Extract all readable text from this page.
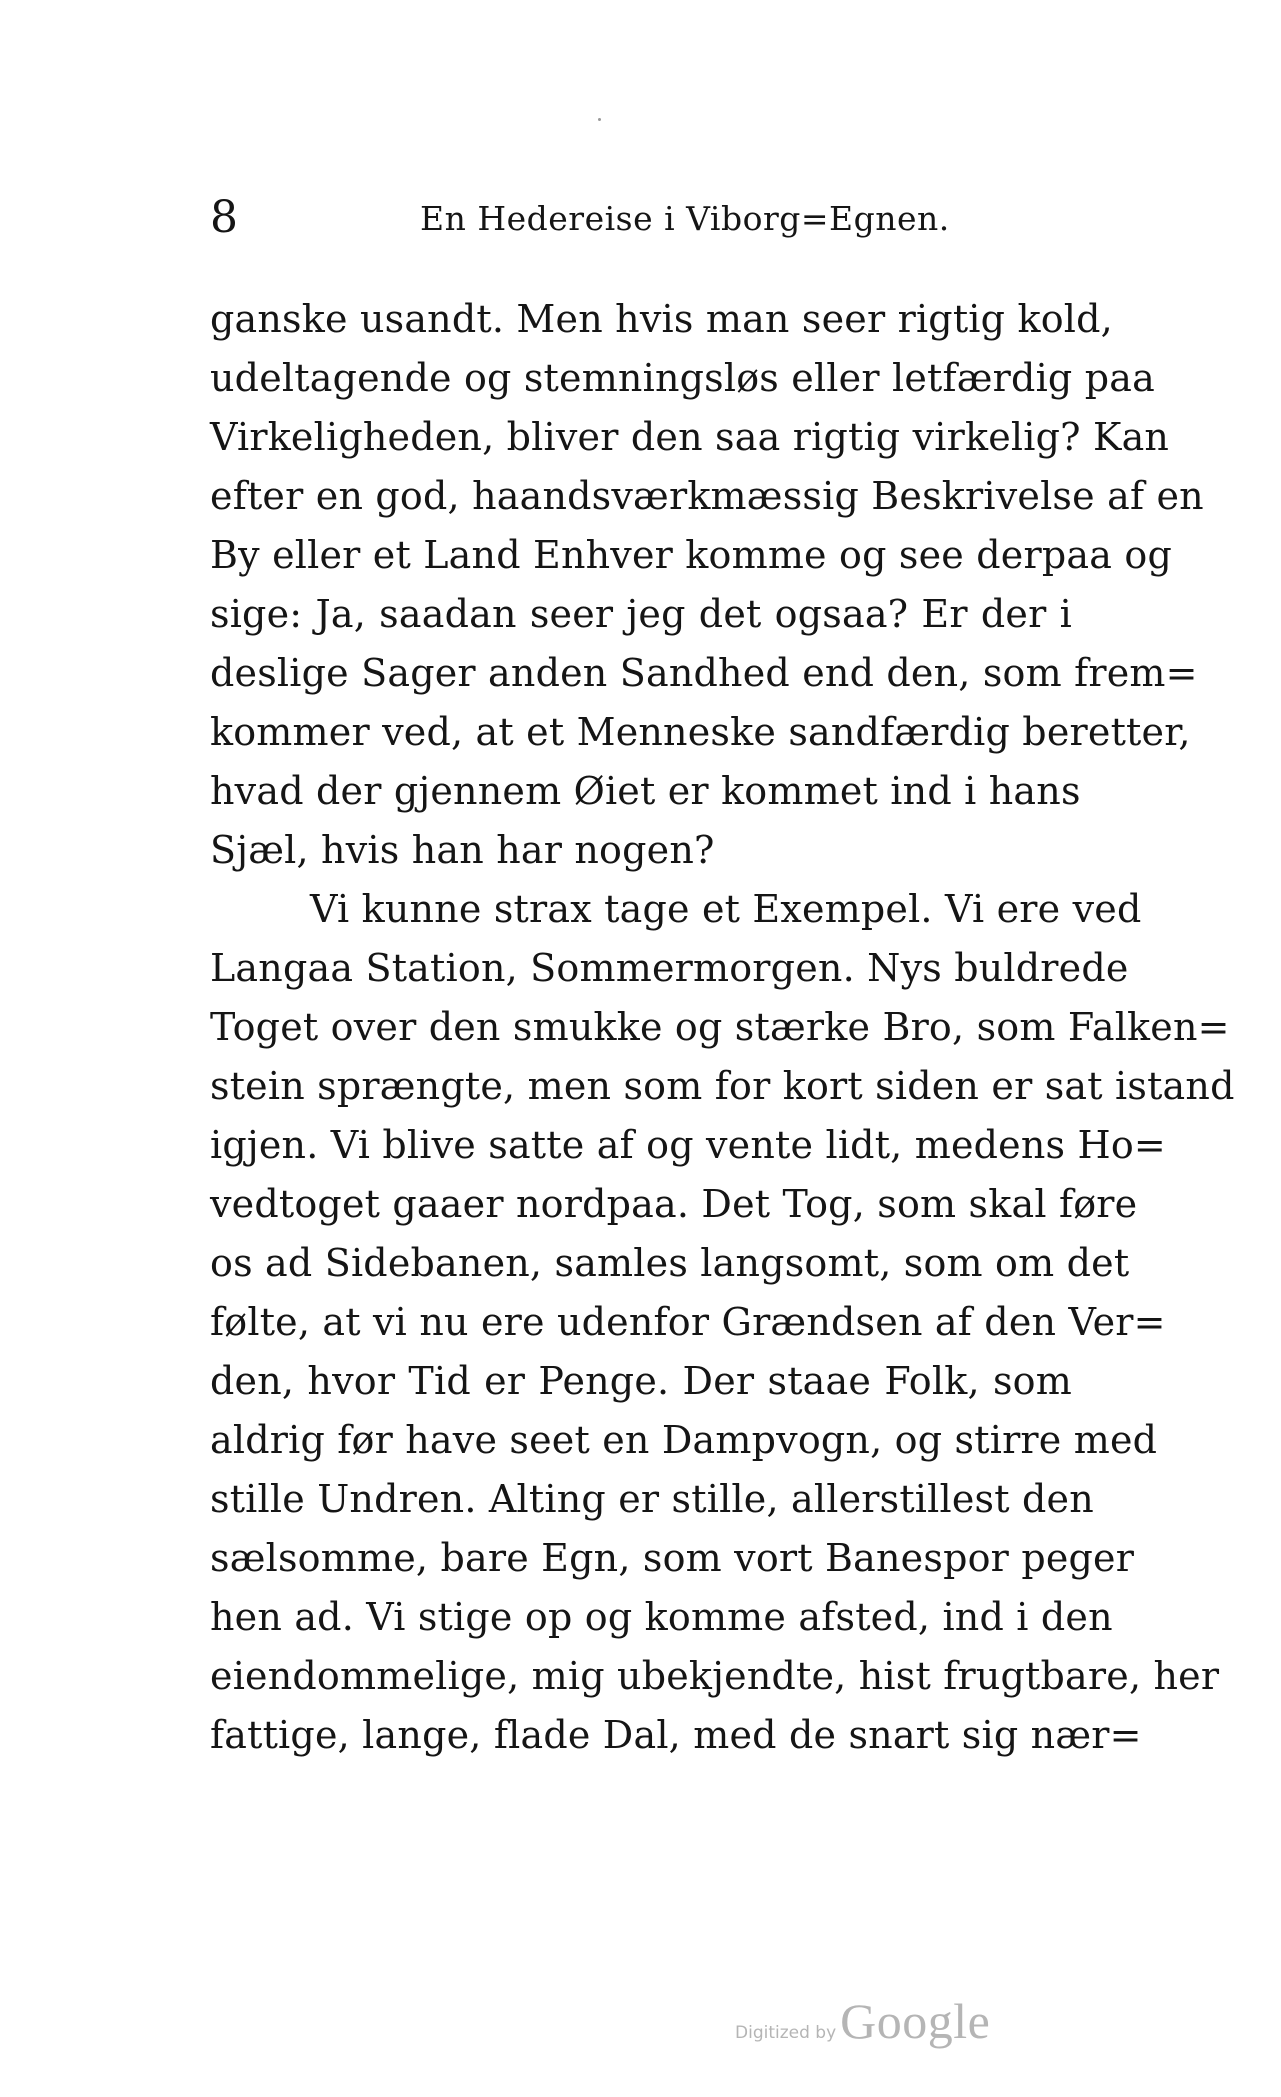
8	En Hedereise i Viborg=Egnen.
ganske usandt. Men hvis man seer rigtig kold,
udeltagende og stemningsløs eller letfærdig paa
Virkeligheden, bliver den saa rigtig virkelig? Kan
efter en god, haandsværkmæssig Beskrivelse af en
By eller et Land Enhver komme og see derpaa og
sige: Ja, saadan seer jeg det ogsaa? Er der i
deslige Sager anden Sandhed end den, som frem=
kommer ved, at et Menneske sandfærdig beretter,
hvad der gjennem Øiet er kommet ind i hans
Sjæl, hvis han har nogen?
Vi kunne strax tage et Exempel. Vi ere ved
Langaa Station, Sommermorgen. Nys buldrede
Toget over den smukke og stærke Bro, som Falken=
stein sprængte, men som for kort siden er sat istand
igjen. Vi blive satte af og vente lidt, medens Ho=
vedtoget gaaer nordpaa. Det Tog, som skal føre
os ad Sidebanen, samles langsomt, som om det
følte, at vi nu ere udenfor Grændsen af den Ver=
den, hvor Tid er Penge. Der staae Folk, som
aldrig før have seet en Dampvogn, og stirre med
stille Undren. Alting er stille, allerstillest den
sælsomme, bare Egn, som vort Banespor peger
hen ad. Vi stige op og komme afsted, ind i den
eiendommelige, mig ubekjendte, hist frugtbare, her
fattige, lange, flade Dal, med de snart sig nær=
Digitized byGoogle
